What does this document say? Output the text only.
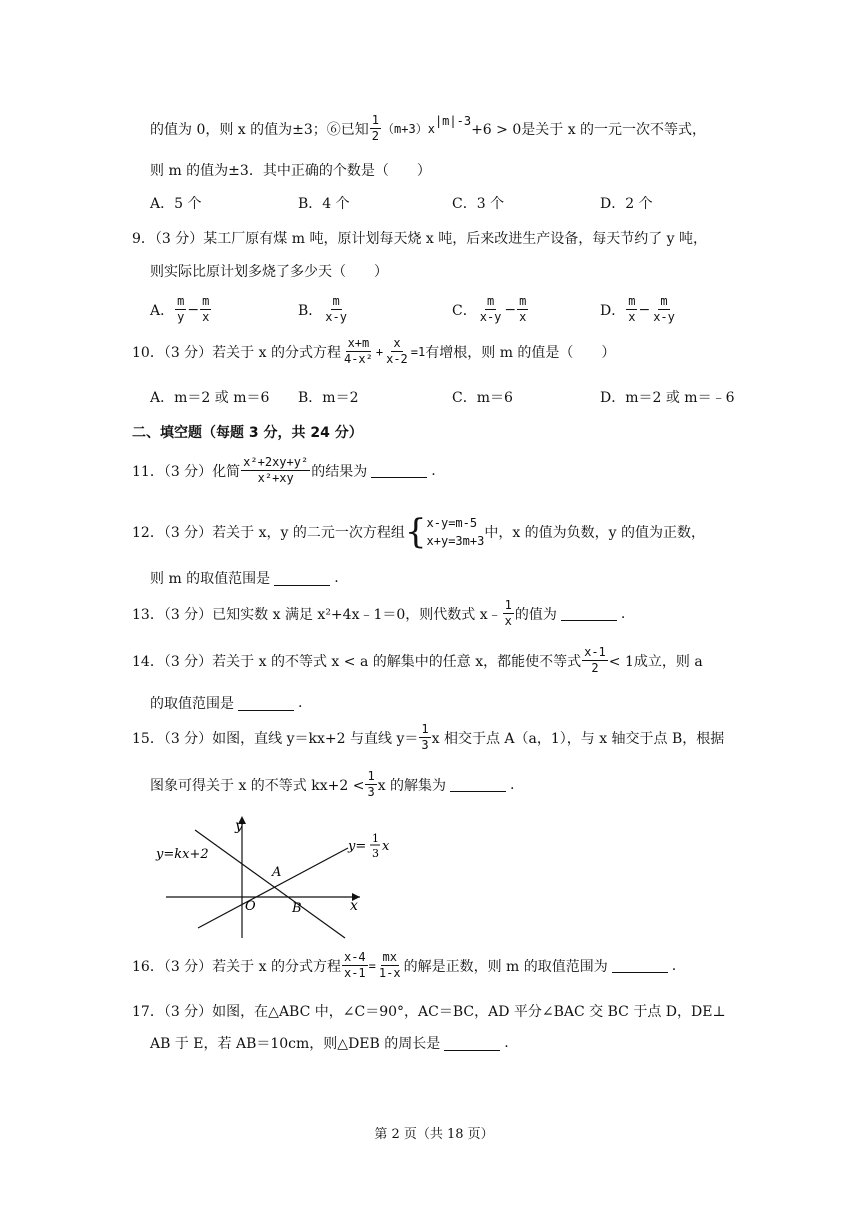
的值为 0，则 x 的值为±3；⑥已知 $\frac{1}{2} (m+3)x$
$^{|m|-3}$
+6 > 0是关于 x 的一元一次不等式，
则 m 的值为±3．其中正确的个数是（　　）
A．5 个	B．4 个	C．3 个	D．2 个
9．（3 分）某工厂原有煤 m 吨，原计划每天烧 x 吨，后来改进生产设备，每天节约了 y 吨，
则实际比原计划多烧了多少天（　　）
A． $\frac{m}{y} - \frac{m}{x}$	B． $\frac{m}{x-y}$	C． $\frac{m}{x-y} - \frac{m}{x}$	D． $\frac{m}{x} - \frac{m}{x-y}$
10．（3 分）若关于 x 的分式方程 $\frac{x+m}{\text{4-x²}} + \frac{x}{x-2} =1$ 有增根，则 m 的值是（　　）
A．m＝2 或 m＝6 B．m＝2	C．m＝6	D．m＝2 或 m＝﹣6
二、填空题（每题 3 分，共 24 分）
11．（3 分）化简 $\frac{\text{x²+2xy+y²}}{\text{x²+xy}}$ 的结果为	.
12．（3 分）若关于 x，y 的二元一次方程组 { x-y=m-5
x+y=3m+3 中，x 的值为负数，y 的值为正数，
则 m 的取值范围是	.
13．（3 分）已知实数 x 满足 x²+4x﹣1＝0，则代数式 x﹣ $\frac{1}{x}$ 的值为	.
14．（3 分）若关于 x 的不等式 x < a 的解集中的任意 x，都能使不等式 $\frac{x-1}{2} < 1$成立，则 a
的取值范围是	.
15．（3 分）如图，直线 y＝kx+2 与直线 $y= \frac{1}{3}$ x 相交于点 A（a，1），与 x 轴交于点 B，根据
图象可得关于 x 的不等式 $kx+2 < \frac{1}{3}$ x 的解集为	.
y
x
O
A
B
y=kx+2
y=
1
3 x
16．（3 分）若关于 x 的分式方程 $\frac{x-4}{x-1} = \frac{mx}{1-x}$ 的解是正数，则 m 的取值范围为	.
17．（3 分）如图，在△ABC 中，∠C＝90°，AC＝BC，AD 平分∠BAC 交 BC 于点 D，DE⊥
AB 于 E，若 AB＝10cm，则△DEB 的周长是	.
第 2 页（共 18 页）
